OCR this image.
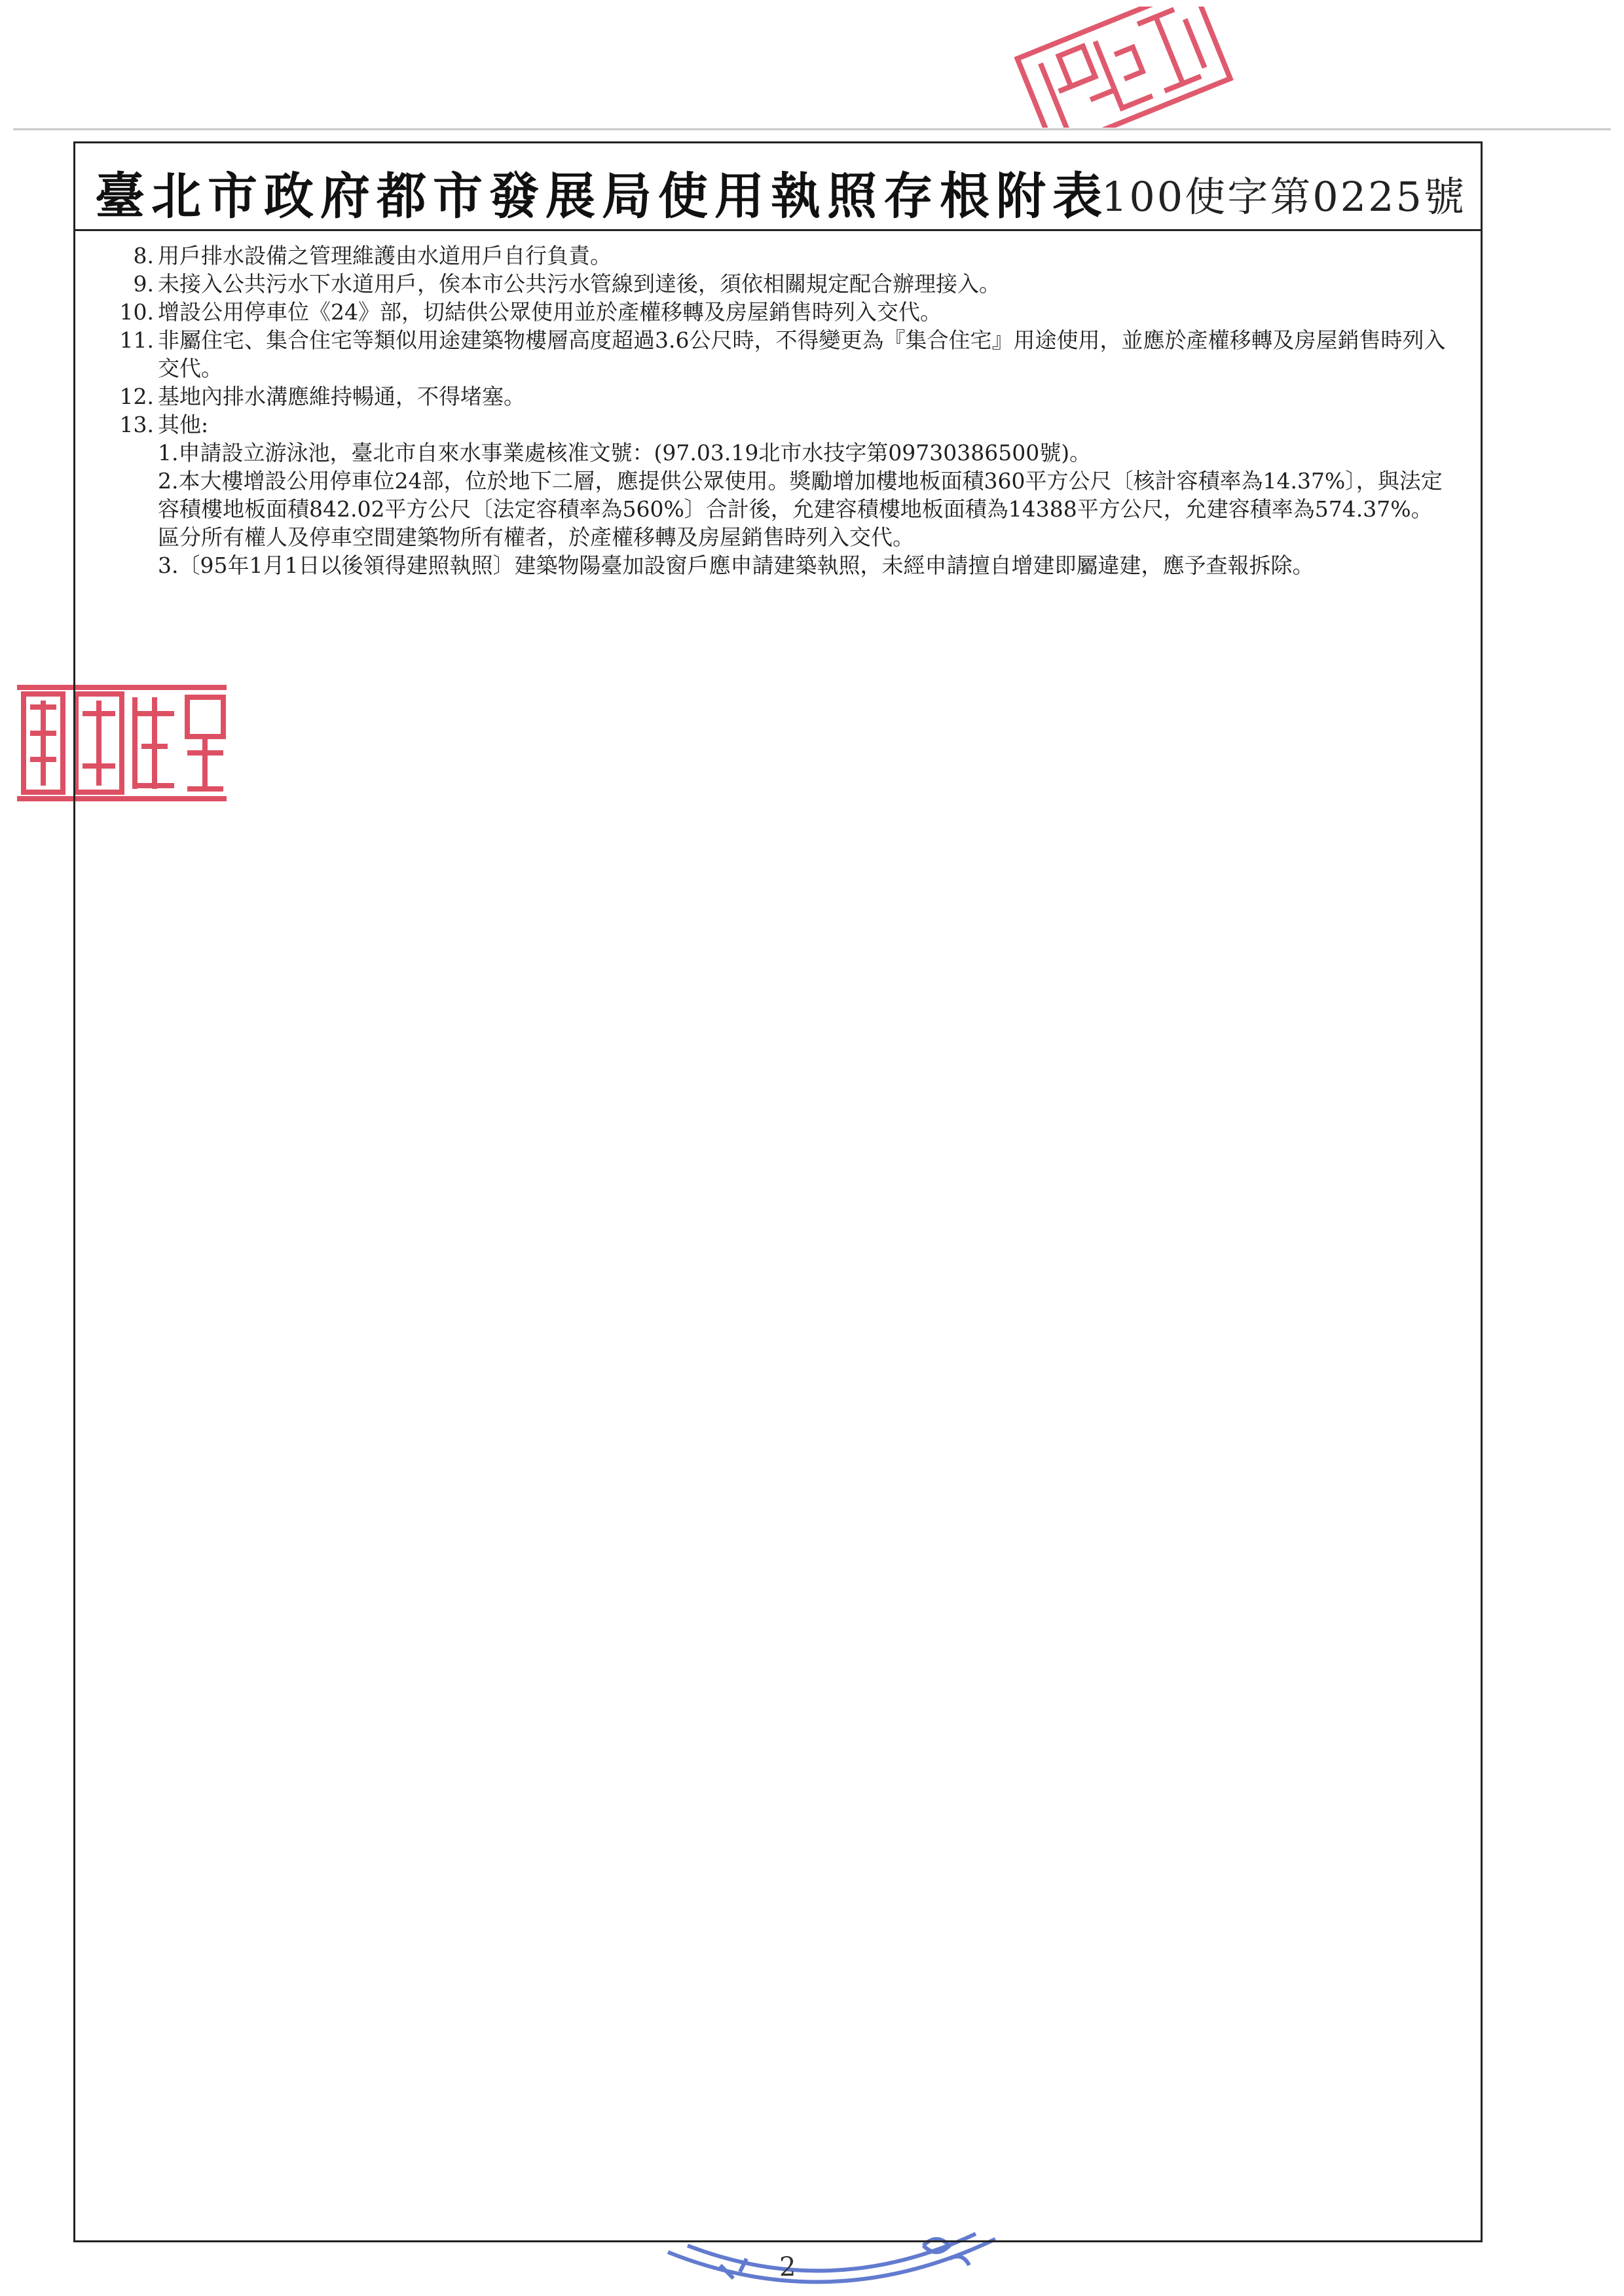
臺北市政府都市發展局使用執照存根附表
100使字第0225號
8. 用戶排水設備之管理維護由水道用戶自行負責。
9. 未接入公共污水下水道用戶，俟本市公共污水管線到達後，須依相關規定配合辦理接入。
10. 增設公用停車位《24》部，切結供公眾使用並於產權移轉及房屋銷售時列入交代。
11. 非屬住宅、集合住宅等類似用途建築物樓層高度超過3.6公尺時，不得變更為『集合住宅』用途使用，並應於產權移轉及房屋銷售時列入交代。
12. 基地內排水溝應維持暢通，不得堵塞。
13. 其他:
1.申請設立游泳池，臺北市自來水事業處核准文號：(97.03.19北市水技字第09730386500號)。
2.本大樓增設公用停車位24部，位於地下二層，應提供公眾使用。獎勵增加樓地板面積360平方公尺〔核計容積率為14.37%〕，與法定容積樓地板面積842.02平方公尺〔法定容積率為560%〕合計後，允建容積樓地板面積為14388平方公尺，允建容積率為574.37%。區分所有權人及停車空間建築物所有權者，於產權移轉及房屋銷售時列入交代。
3.〔95年1月1日以後領得建照執照〕建築物陽臺加設窗戶應申請建築執照，未經申請擅自增建即屬違建，應予查報拆除。
2
